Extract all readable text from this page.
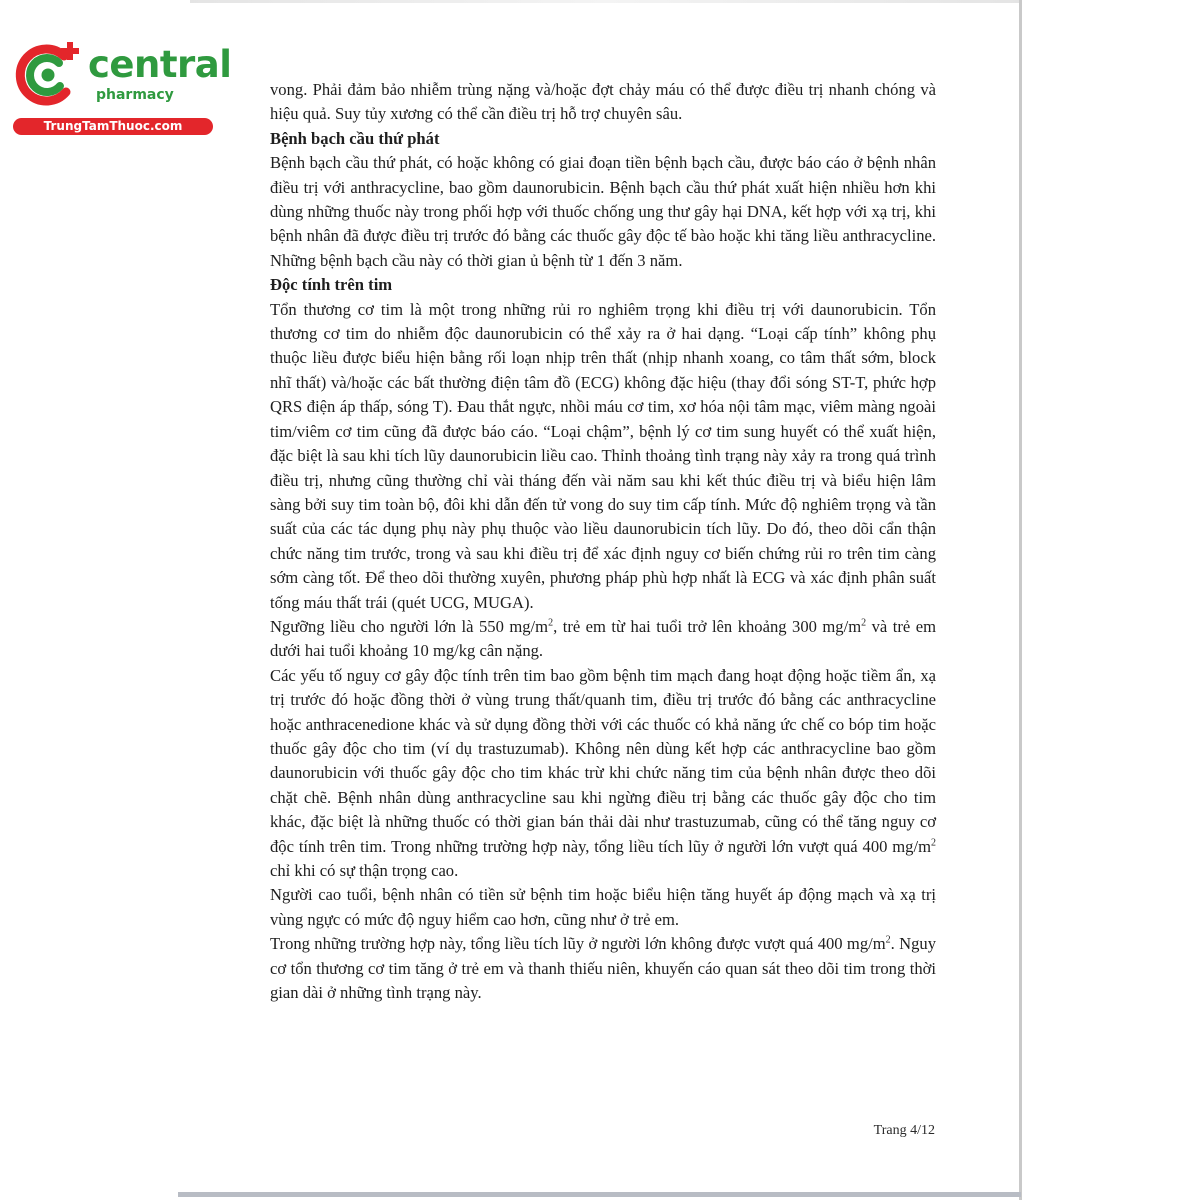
central
pharmacy
TrungTamThuoc.com

vong. Phải đảm bảo nhiễm trùng nặng và/hoặc đợt chảy máu có thể được điều trị nhanh chóng và hiệu quả. Suy tủy xương có thể cần điều trị hỗ trợ chuyên sâu.

Bệnh bạch cầu thứ phát

Bệnh bạch cầu thứ phát, có hoặc không có giai đoạn tiền bệnh bạch cầu, được báo cáo ở bệnh nhân điều trị với anthracycline, bao gồm daunorubicin. Bệnh bạch cầu thứ phát xuất hiện nhiều hơn khi dùng những thuốc này trong phối hợp với thuốc chống ung thư gây hại DNA, kết hợp với xạ trị, khi bệnh nhân đã được điều trị trước đó bằng các thuốc gây độc tế bào hoặc khi tăng liều anthracycline. Những bệnh bạch cầu này có thời gian ủ bệnh từ 1 đến 3 năm.

Độc tính trên tim

Tổn thương cơ tim là một trong những rủi ro nghiêm trọng khi điều trị với daunorubicin. Tổn thương cơ tim do nhiễm độc daunorubicin có thể xảy ra ở hai dạng. “Loại cấp tính” không phụ thuộc liều được biểu hiện bằng rối loạn nhịp trên thất (nhịp nhanh xoang, co tâm thất sớm, block nhĩ thất) và/hoặc các bất thường điện tâm đồ (ECG) không đặc hiệu (thay đổi sóng ST-T, phức hợp QRS điện áp thấp, sóng T). Đau thắt ngực, nhồi máu cơ tim, xơ hóa nội tâm mạc, viêm màng ngoài tim/viêm cơ tim cũng đã được báo cáo. “Loại chậm”, bệnh lý cơ tim sung huyết có thể xuất hiện, đặc biệt là sau khi tích lũy daunorubicin liều cao. Thỉnh thoảng tình trạng này xảy ra trong quá trình điều trị, nhưng cũng thường chỉ vài tháng đến vài năm sau khi kết thúc điều trị và biểu hiện lâm sàng bởi suy tim toàn bộ, đôi khi dẫn đến tử vong do suy tim cấp tính. Mức độ nghiêm trọng và tần suất của các tác dụng phụ này phụ thuộc vào liều daunorubicin tích lũy. Do đó, theo dõi cẩn thận chức năng tim trước, trong và sau khi điều trị để xác định nguy cơ biến chứng rủi ro trên tim càng sớm càng tốt. Để theo dõi thường xuyên, phương pháp phù hợp nhất là ECG và xác định phân suất tống máu thất trái (quét UCG, MUGA).

Ngưỡng liều cho người lớn là 550 $mg/m^2$, trẻ em từ hai tuổi trở lên khoảng 300 $mg/m^2$ và trẻ em dưới hai tuổi khoảng 10 mg/kg cân nặng.

Các yếu tố nguy cơ gây độc tính trên tim bao gồm bệnh tim mạch đang hoạt động hoặc tiềm ẩn, xạ trị trước đó hoặc đồng thời ở vùng trung thất/quanh tim, điều trị trước đó bằng các anthracycline hoặc anthracenedione khác và sử dụng đồng thời với các thuốc có khả năng ức chế co bóp tim hoặc thuốc gây độc cho tim (ví dụ trastuzumab). Không nên dùng kết hợp các anthracycline bao gồm daunorubicin với thuốc gây độc cho tim khác trừ khi chức năng tim của bệnh nhân được theo dõi chặt chẽ. Bệnh nhân dùng anthracycline sau khi ngừng điều trị bằng các thuốc gây độc cho tim khác, đặc biệt là những thuốc có thời gian bán thải dài như trastuzumab, cũng có thể tăng nguy cơ độc tính trên tim. Trong những trường hợp này, tổng liều tích lũy ở người lớn vượt quá 400 $mg/m^2$ chỉ khi có sự thận trọng cao.

Người cao tuổi, bệnh nhân có tiền sử bệnh tim hoặc biểu hiện tăng huyết áp động mạch và xạ trị vùng ngực có mức độ nguy hiểm cao hơn, cũng như ở trẻ em.

Trong những trường hợp này, tổng liều tích lũy ở người lớn không được vượt quá 400 $mg/m^2$. Nguy cơ tổn thương cơ tim tăng ở trẻ em và thanh thiếu niên, khuyến cáo quan sát theo dõi tim trong thời gian dài ở những tình trạng này.

Trang 4/12
